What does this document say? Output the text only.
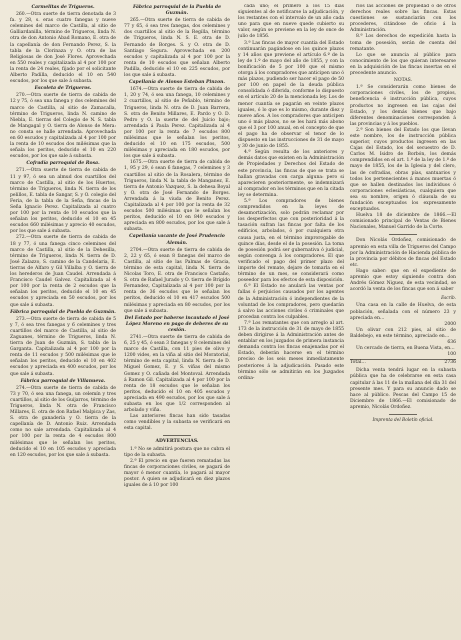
Carmelitas de Trigueros.
260.—Otra suerte de tierra denotada de 3 fa. y 28, s. eras cuatro fanegas y nueve celemines del marco de Castilla, al sitio de Galliardanilla, término de Trigueros, linda N. otra de don Antonio Abad Romano, E. otra de la capellanía de don Fernando Perez, S. la tabla de la Clorinaza y O. otra de las Religiosas de don José Flores. Aprovechada en 550 reales y capitalizada al 4 por 100 por la renta de 24 reales, fijado por el solicitante Alberto Padilla, deducido el 10 en 540 escudos, por los que sale á subasta.
Escoleta de Trigueros.
270.—Otra suerte de tierra de cabida de 12 y 75, ó sea una fanega y dos celemines del marco de Castilla, al sitio de Zamacalla, término de Trigueros, linda N. camino de Niebla, E. tierras del Colegio de N. S. tabla de Mangagal y O. tierra de Alonso de Mera: no consta se halle arrendada. Aprovechada en 60 escudos y capitalizada al 4 por 100 por la renta de 10 escudos dos milésimas que la señala los peritos, deducido el 10 en 220 escudos, por los que sale á subasta.
Cofradía parroquial de Rosa.
271.—Otra suerte de tierra de cabida de 11 y 97, ó sea un almud dos cuartillos del marco de Castilla, al sitio de los Huertos, término de Trigueros, linda N. tierra de los pelillos, E. tabla de Sangar, S. y O. colegio del Feria, de la tabla de la Seña, fincas de la Seña Ignacio Perez. Capitalizada al cuatro por 100 por la renta de 10 escudos que la señalan los peritos, deducido el 10 en 45 escudos 660 milésimas y aprecio 40 escudos, por los que sale á subasta.
272.—Otra suerte de tierra de cabida de 18 y 77, ó una fanega cinco celemines del marco de Castilla, al sitio de la Dehesilla, término de Trigueros, linda N. tierra de D. José Zalazzo, S. camino de la Candelaria, E. tierras de Alfaro y Gil Villalba y O. tierra de los herederos de Juan Caudel. Arrendada á Francisco Caudel Galvez. Capitalizada al 4 por 100 por la renta de 2 escudos que la señalan los peritos, deducido el 10 en 45 escudos y apreciada en 50 escudos, por los que sale á subasta.
Fábrica parroquial de Puebla de Guzmán.
273.—Otra suerte de tierra de cabida de 5 y 7, ó sea tres fanegas y 6 celemines y tres cuartillos del marco de Castilla, al sitio de Zaguanes, término de Trigueros, linda N. tierra de Juan de Guzmán, S. tabla de la Garganta. Capitalizada al 4 por 100 por la renta de 11 escudos y 500 milésimas que le señalan los peritos, deducido el 10 en 402 escudos y apreciada en 400 escudos, por los que sale á subasta.
Fábrica parroquial de Villanueva.
274.—Otra suerte de tierra de cabida de 73 y 70, ó sea una fanega, un celemín y tres cuartillos, al sitio de los Guijarros, término de Trigueros, linda N. otra de Francisco Millares, E. otra de don Rafael Malpica y Zas, S. otra de ganadería y O. tierra de la capellanía de D. Antonio Ruiz. Arrendada como no sale arrendada. Capitalizada al 4 por 100 por la renta de 4 escudos 800 milésimas que le señalan los peritos, deducido el 10 en 105 escudos y apreciada en 120 escudos, por los que sale á subasta.
Fábrica parroquial de la Puebla de Guzmán.
265.—Otra suerte de tierra de cabida de 77 y 65, ó sea tres fanegas, dos celemines y dos cuartillos al sitio de la Regilla, término de Trigueros, linda N. S. E. otra de D. Fernando de Borges. S. y O. otra de D. Santiago Segura. Aprovechada en 200 escudos y capitalizada al 4 por 100 por la renta de 10 escudos que señalan Alberto Padilla, deducido el 10 en 225 escudos, por los que sale á subasta.
Capellanía de Alonso Esteban Pinzon.
1674.—Otra suerte de tierra de cabida de 1, 20 y 74, ó sea una fanega, 10 celemines y 2 cuartillos, al sitio de Peñablo, término de Trigueros, linda N. otra de D. Juan Barrera, S. otra de Benito Millares, E. Pardo y O. D. Pedro y O. la suerte de del Juicio bajo; arrendada á Paula Perez. Capitalizada al 4 por 100 por la renta de 7 escudos 800 milésimas que le señalan los peritos, deducido el 10 en 175 escudos, 500 milésimas y apreciada en 180 escudos, por los que sale á subasta.
1675.—Otra suerte de tierra de cabida de 1, 95 y 29, ó sean 6 fanegas, 7 celemines y 3 cuartillos al sitio de la Rosalera, término de Trigueros, linda N. la tabla de Manganez, E. tierra de Antonio Vazquez, S. la dehesa Boyal y O. otra de José Fernando de Borges. Arrendada á la viuda de Benito Perez. Capitalizada al 4 por 100 por la renta de 32 escudos 500 milésimas que le señalan los peritos, deducido el 10 en 840 escudos y apreciada en 800 escudos, por los que sale á subasta.
Capellanía vacante de José Prudencio Alemán.
2704.—Otra suerte de tierra de cabida de 2, 22 y 65, ó sean 8 fanegas del marco de Castilla, al sitio de las Palmas de Gracia, término de esta capital, linda N. tierra de Nicolas Toro, E. otra de Francisco Castaño, S. otra de Rafael Jurado y O. tierra de Brígido Fernandez, Capitalizada al 4 por 100 por la renta de 36 escudos que le señalan los peritos, deducido el 10 en 417 escudos 500 milésimas y apreciada en 80 escudos, por los que sale á subasta.
Del Estado por haberse incautado el José López Moreno en pago de deberes de su cesión.
2741.—Otra suerte de tierra de cabida de 6, 25 y 45, ó sean 3 fanegas y 8 celemines del marco de Castilla, con 11 pies de olivo y 1200 vides, en la viña al sitio del Moratorial, término de esta capital, linda N. tierra de D. Miguel Gomez, E. y S. viñas del mismo Gomez y O. cañada del Montoval. Arrendada á Ramon Gil. Capitalizada al 4 por 100 por la renta de 18 escudos que le señalan los peritos, deducido el 10 en 405 escudos y apreciada en 490 escudos, por los que sale á subasta en los que 1/2 corresponden al arbolado y viña.
Las anteriores fincas han sido tasadas como vendibles y la subasta se verificará en esta capital.
ADVERTENCIAS.
1.ª No se admitirá postura que no cubra el tipo de la subasta.
2.ª El precio en que fueren rematadas las fincas de corporaciones civiles, se pagará de mayor ó menor cuantía, lo pagará al mayor postor. A quien se adjudicará en diez plazos iguales de á 10 por 100
cada uno; el primero á los 15 días siguientes al de notificarse la adjudicación, y los restantes con el intervalo de un año cada uno para que en nueve quede cubierto su valor, según se previene en la ley de once de julio de 1856.
3.ª Las fincas de mayor cuantía del Estado continuarán pagándose en los quince plazos y 14 años que previene el artículo 6.º de la ley de 1.º de mayo del año de 1855, y con la bonificación de 5 por 100 que el mismo otorga á los compradores que anticipen uno ó más plazos, pudiendo ser hacer el pago de 50 por 100 en papel de la deuda pública consolidada ó diferida, conforme lo dispuesto en el artículo 20 de la mencionada ley. Los de menor cuantía se pagarán en veinte plazos iguales, ó lo que es lo mismo, durante diez y nueve años. A los compradores que anticipen uno ó más plazos, no se les hará más abono que el 3 por 100 anual, en el concepto de que el pago ha de observar el tenor de lo dispuesto en las instrucciones de 31 de mayo y 30 de junio de 1855.
4.ª Según resulta de los anteriores y demás datos que existen en la Administración de Propiedades y Derechos del Estado de este provincia, las fincas de que se trata se hallan gravadas con carga alguna: pero si aparecieren posteriormente, se indemnizará al comprador en los términos que en la citada ley se determina.
5.ª Los compradores de bienes comprendidos en la leyes de desamortización, solo podrán reclamar por los desperfectos que con posterioridad á la tasación sufran las fincas por falta de los edificios, arbolados, ó por cualquiera otra causa justa, en el término improrogable de quince días, desde el de la posesión. La toma de posesión podrá ser gubernativa ó judicial, según convenga á los compradores. El que verificado el pago del primer plazo del importe del remate, dejare de tomarla en el término de un mes, se considerará como poseedor para los efectos de esta disposición.
6.ª El Estado no anulará las ventas por fallas ó perjuicios causados por los agentes de la Administración ó independientes de la voluntad de los compradores, pero quedarán á salvo las acciones civiles ó criminales que procedan contra los culpables.
7.ª Los rematantes que con arreglo al art. 173 de la instrucción de 31 de mayo de 1855 deben dirigirse á la Administración antes de entablar en los juzgados de primera instancia demanda contra los fincas enajenadas por el Estado, deberán hacerse en el término preciso de los seis meses inmediatamente posteriores á la adjudicación. Pasado este término sólo se admitirán en los Juzgados ordina-
rios las acciones de propiedad ó de otros derechos reales sobre las fincas. Estas cuestiones se sustanciarán con los procederes, citándose de oficio á la Administración.
8.ª Los derechos de expedición hasta la toma de posesión, serán de cuenta del rematante.
Lo que se anuncia al público para conocimiento de los que quieran interesarse en la adquisición de las fincas insertas en el precedente anuncio.
NOTAS.
1.ª Se considerarán como bienes de corporaciones civiles, los de propios, beneficencia é instrucción pública, cuyos productos no ingresen en las cajas del Estado, y los demás bienes que bajo diferentes denominaciones corresponden á las provincias y á los pueblos.
2.ª Son bienes del Estado los que llevan este nombre, los de instrucción pública superior, cuyos productos ingresen en las Cajas del Estado, los del secuestro de D. Carlos M. Isidro de Borbón, los demás comprendidos en el art. 1.º de la ley de 1.º de mayo de 1855, los de la Iglesia y del clero, las de cofradías, obras pías, santuarios y todos los pertenecientes á manos muertas ó que se hallen destinados los individuos ó corporaciones eclesiásticas, cualquiera que sea su nombre, origen ó cláusula de su fundación exceptuados los expresamente exceptuados.
Huelva 18 de diciembre de 1866.—El comisionado principal de Ventas de Bienes Nacionales, Manuel Garrido de la Corte.
Don Nicolás Ordoñez, comisionado de apremio en esta villa de Trigueros del Campo por la Administración de Hacienda pública de la provincia por débitos de fincas del Estado etc.
Hago saber: que en el expediente de apremio que estoy siguiendo contra don Andrés Gómez Niguez, de esta vecindad, se acordó la venta de los fincas que son á saber
Escrib.
Una casa en la calle de Huelva, de esta población, señalada con el número 23 y apreciada en…
2000
Un olivar con 212 pies, al sitio de Baldebejo, en este término, apreciado en…
636
Un cercado de tierra, en Buena Vista, en…
100
Total…	2736
Dicha venta tendrá lugar en la subasta pública que ha de celebrarse en esta casa capitular á las 11 de la mañana del día 31 del presente mes. Y para su anuncio dado se hace al público. Pescas del Campo 15 de Diciembre de 1866.—El comisionado de apremio, Nicolás Ordoñez.
Imprenta del Boletín oficial.
